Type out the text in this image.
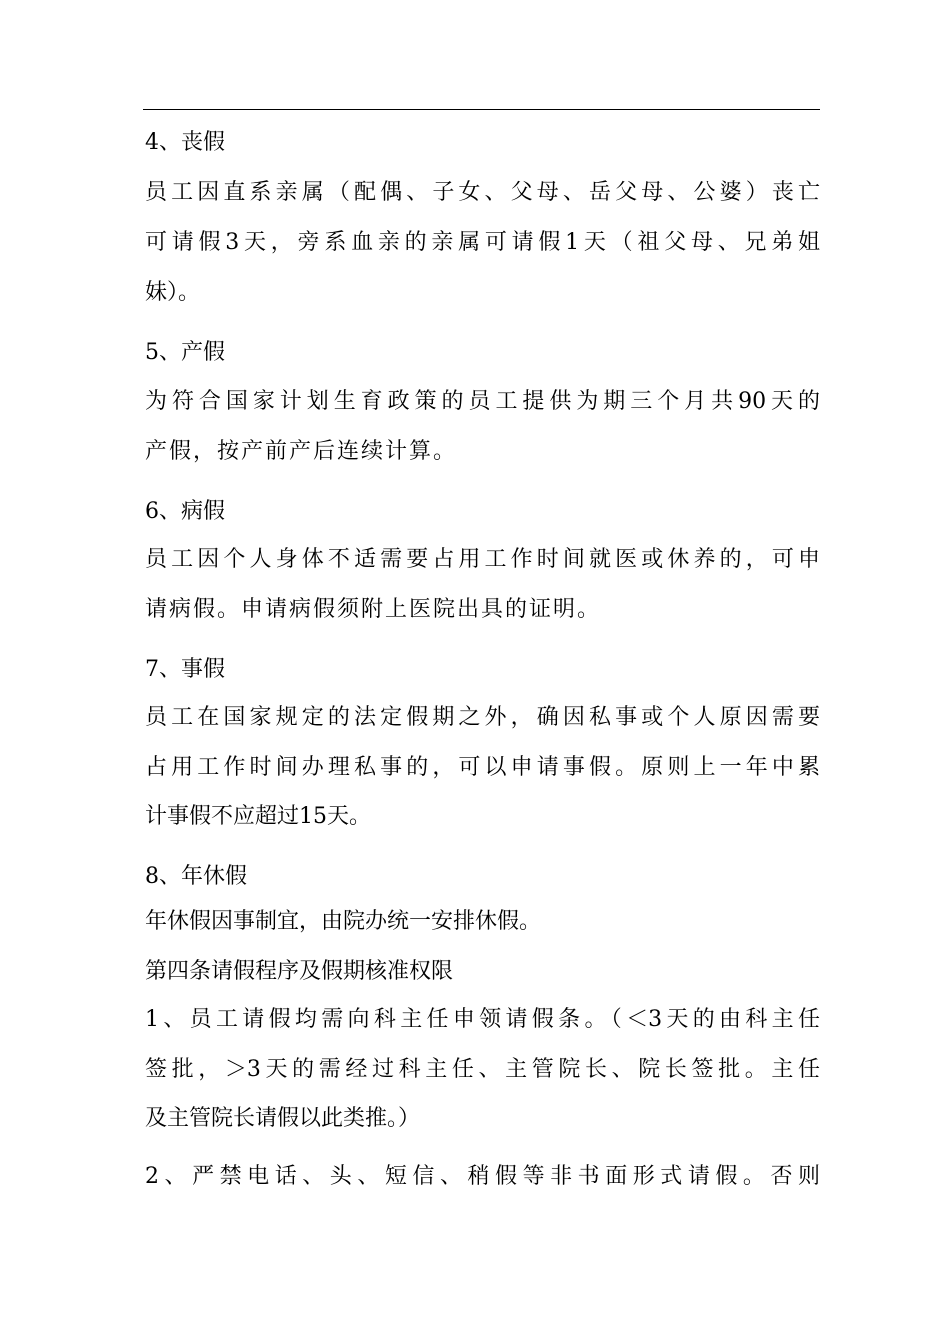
4、丧假
员工因直系亲属（配偶、子女、父母、岳父母、公婆）丧亡
可请假3天，旁系血亲的亲属可请假1天（祖父母、兄弟姐
妹）。
5、产假
为符合国家计划生育政策的员工提供为期三个月共90天的
产假，按产前产后连续计算。
6、病假
员工因个人身体不适需要占用工作时间就医或休养的，可申
请病假。申请病假须附上医院出具的证明。
7、事假
员工在国家规定的法定假期之外，确因私事或个人原因需要
占用工作时间办理私事的，可以申请事假。原则上一年中累
计事假不应超过15天。
8、年休假
年休假因事制宜，由院办统一安排休假。
第四条请假程序及假期核准权限
1、员工请假均需向科主任申领请假条。（＜3天的由科主任
签批，＞3天的需经过科主任、主管院长、院长签批。主任
及主管院长请假以此类推。）
2、严禁电话、头、短信、稍假等非书面形式请假。否则
